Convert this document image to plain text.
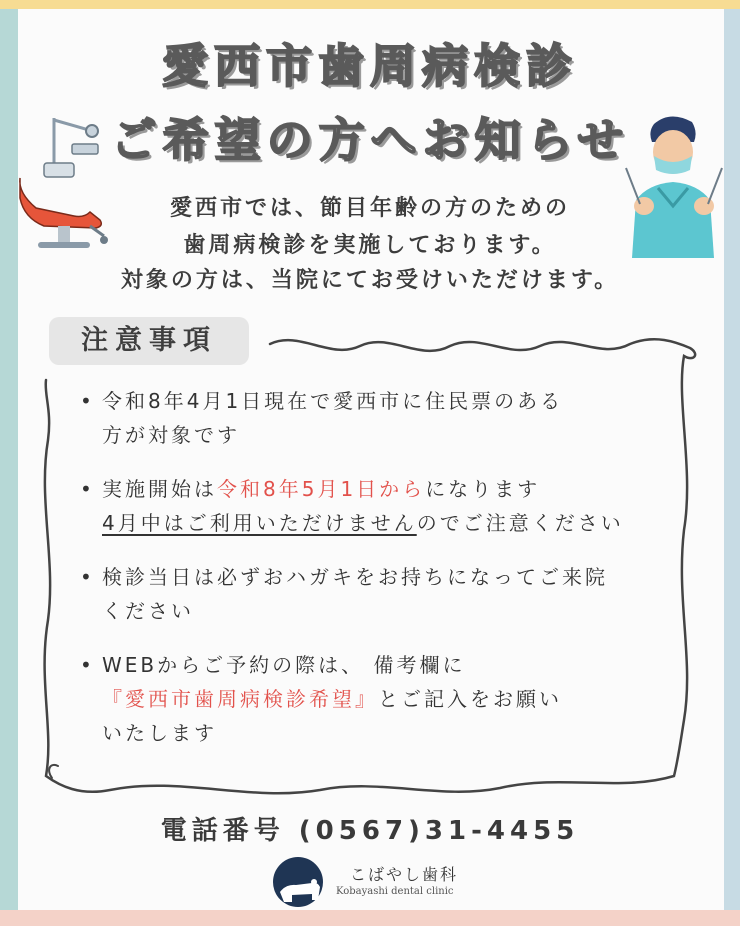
愛西市歯周病検診
ご希望の方へお知らせ
愛西市では、節目年齢の方のための
歯周病検診を実施しております。
対象の方は、当院にてお受けいただけます。
注意事項
• 令和8年4月1日現在で愛西市に住民票のある
方が対象です
• 実施開始は令和8年5月1日からになります
4月中はご利用いただけませんのでご注意ください
• 検診当日は必ずおハガキをお持ちになってご来院
ください
• WEBからご予約の際は、 備考欄に
『愛西市歯周病検診希望』とご記入をお願い
いたします
電話番号 (0567)31-4455
こばやし歯科
Kobayashi dental clinic
